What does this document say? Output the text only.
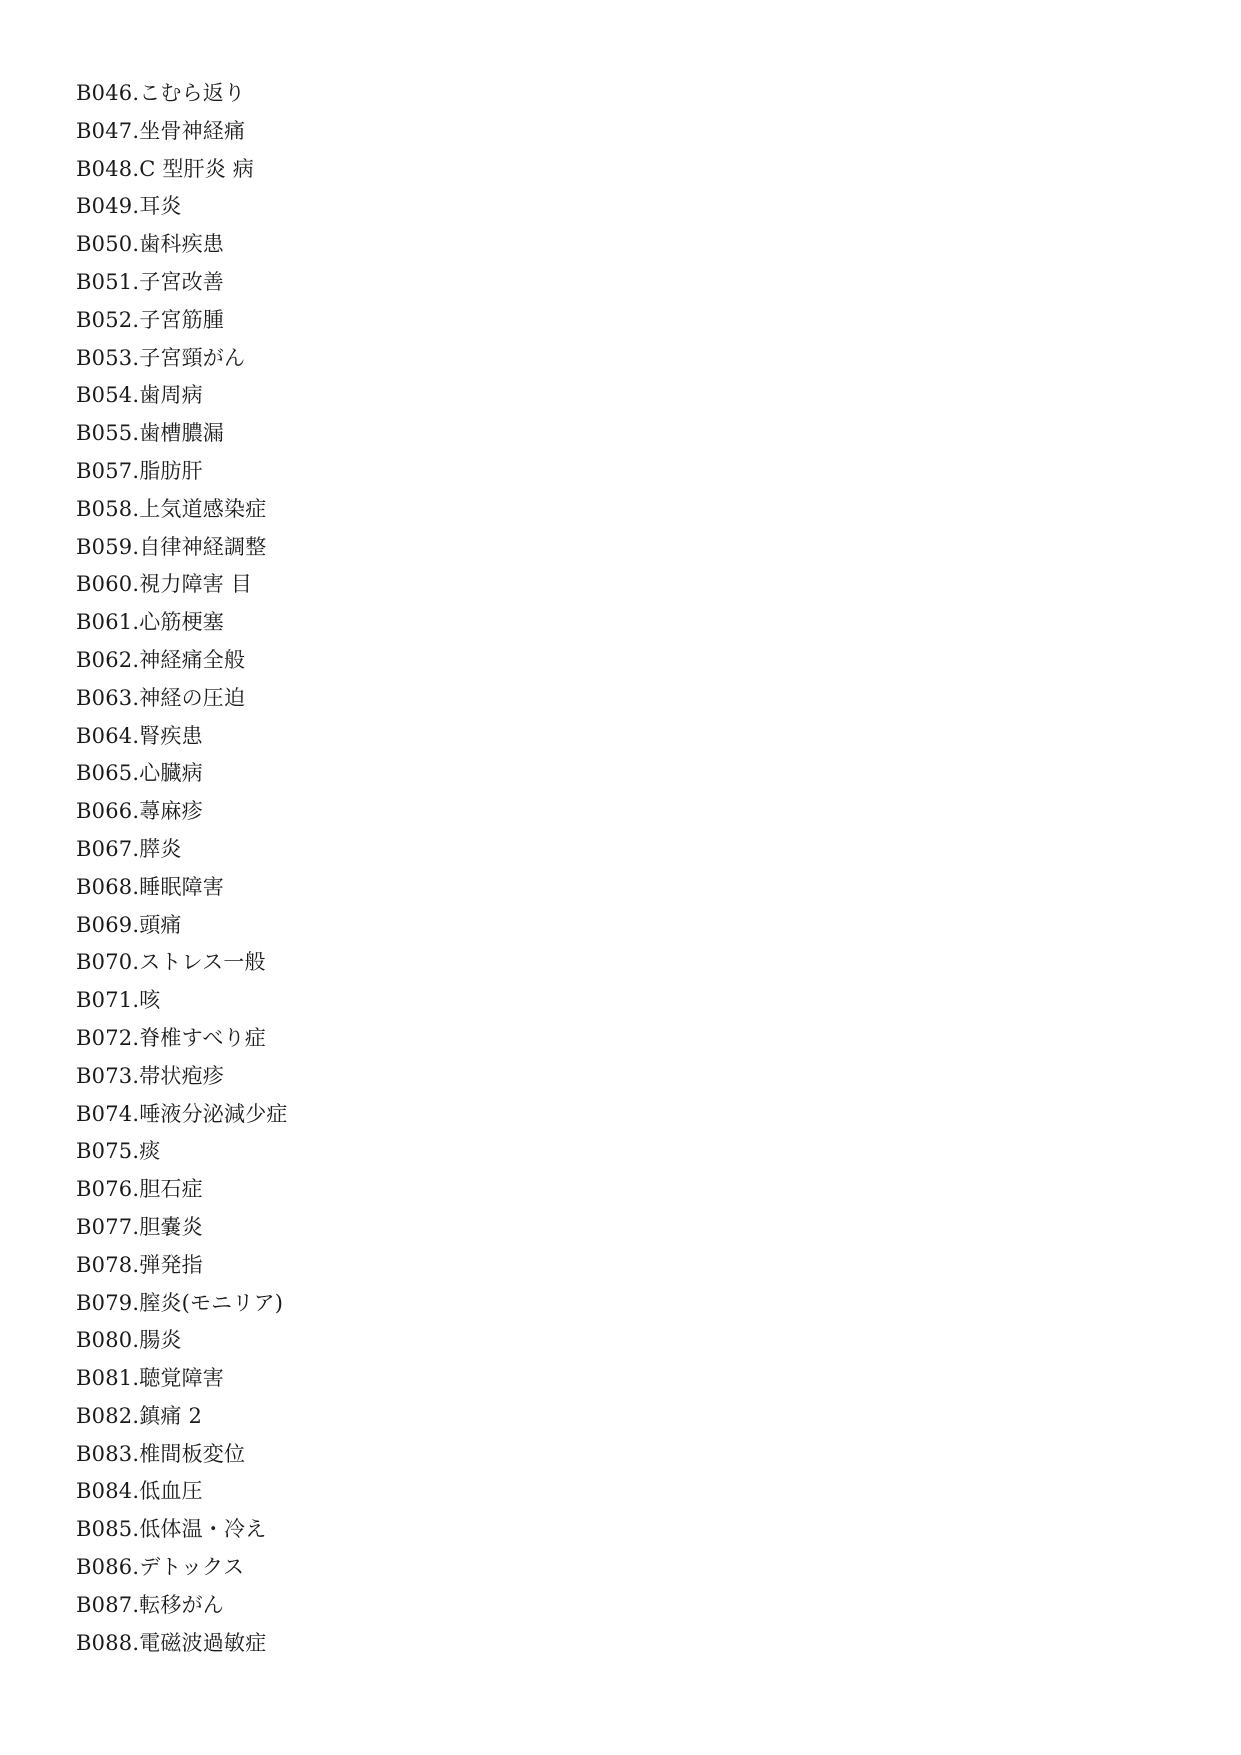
B046.こむら返り
B047.坐骨神経痛
B048.C 型肝炎 病
B049.耳炎
B050.歯科疾患
B051.子宮改善
B052.子宮筋腫
B053.子宮頸がん
B054.歯周病
B055.歯槽膿漏
B057.脂肪肝
B058.上気道感染症
B059.自律神経調整
B060.視力障害 目
B061.心筋梗塞
B062.神経痛全般
B063.神経の圧迫
B064.腎疾患
B065.心臓病
B066.蕁麻疹
B067.膵炎
B068.睡眠障害
B069.頭痛
B070.ストレス一般
B071.咳
B072.脊椎すべり症
B073.帯状疱疹
B074.唾液分泌減少症
B075.痰
B076.胆石症
B077.胆嚢炎
B078.弾発指
B079.膣炎(モニリア)
B080.腸炎
B081.聴覚障害
B082.鎮痛 2
B083.椎間板変位
B084.低血圧
B085.低体温・冷え
B086.デトックス
B087.転移がん
B088.電磁波過敏症
